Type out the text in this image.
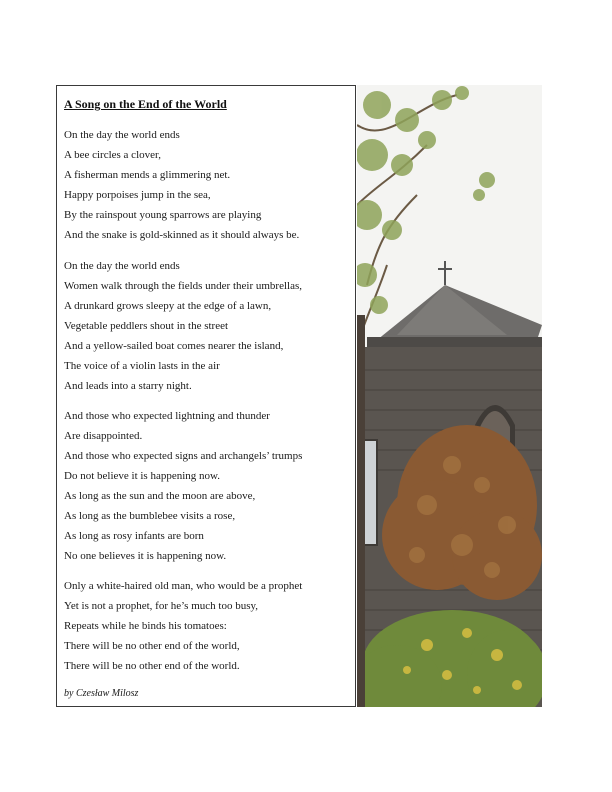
A Song on the End of the World
On the day the world ends
A bee circles a clover,
A fisherman mends a glimmering net.
Happy porpoises jump in the sea,
By the rainspout young sparrows are playing
And the snake is gold-skinned as it should always be.
On the day the world ends
Women walk through the fields under their umbrellas,
A drunkard grows sleepy at the edge of a lawn,
Vegetable peddlers shout in the street
And a yellow-sailed boat comes nearer the island,
The voice of a violin lasts in the air
And leads into a starry night.
And those who expected lightning and thunder
Are disappointed.
And those who expected signs and archangels’ trumps
Do not believe it is happening now.
As long as the sun and the moon are above,
As long as the bumblebee visits a rose,
As long as rosy infants are born
No one believes it is happening now.
Only a white-haired old man, who would be a prophet
Yet is not a prophet, for he’s much too busy,
Repeats while he binds his tomatoes:
There will be no other end of the world,
There will be no other end of the world.
by Czesław Milosz
